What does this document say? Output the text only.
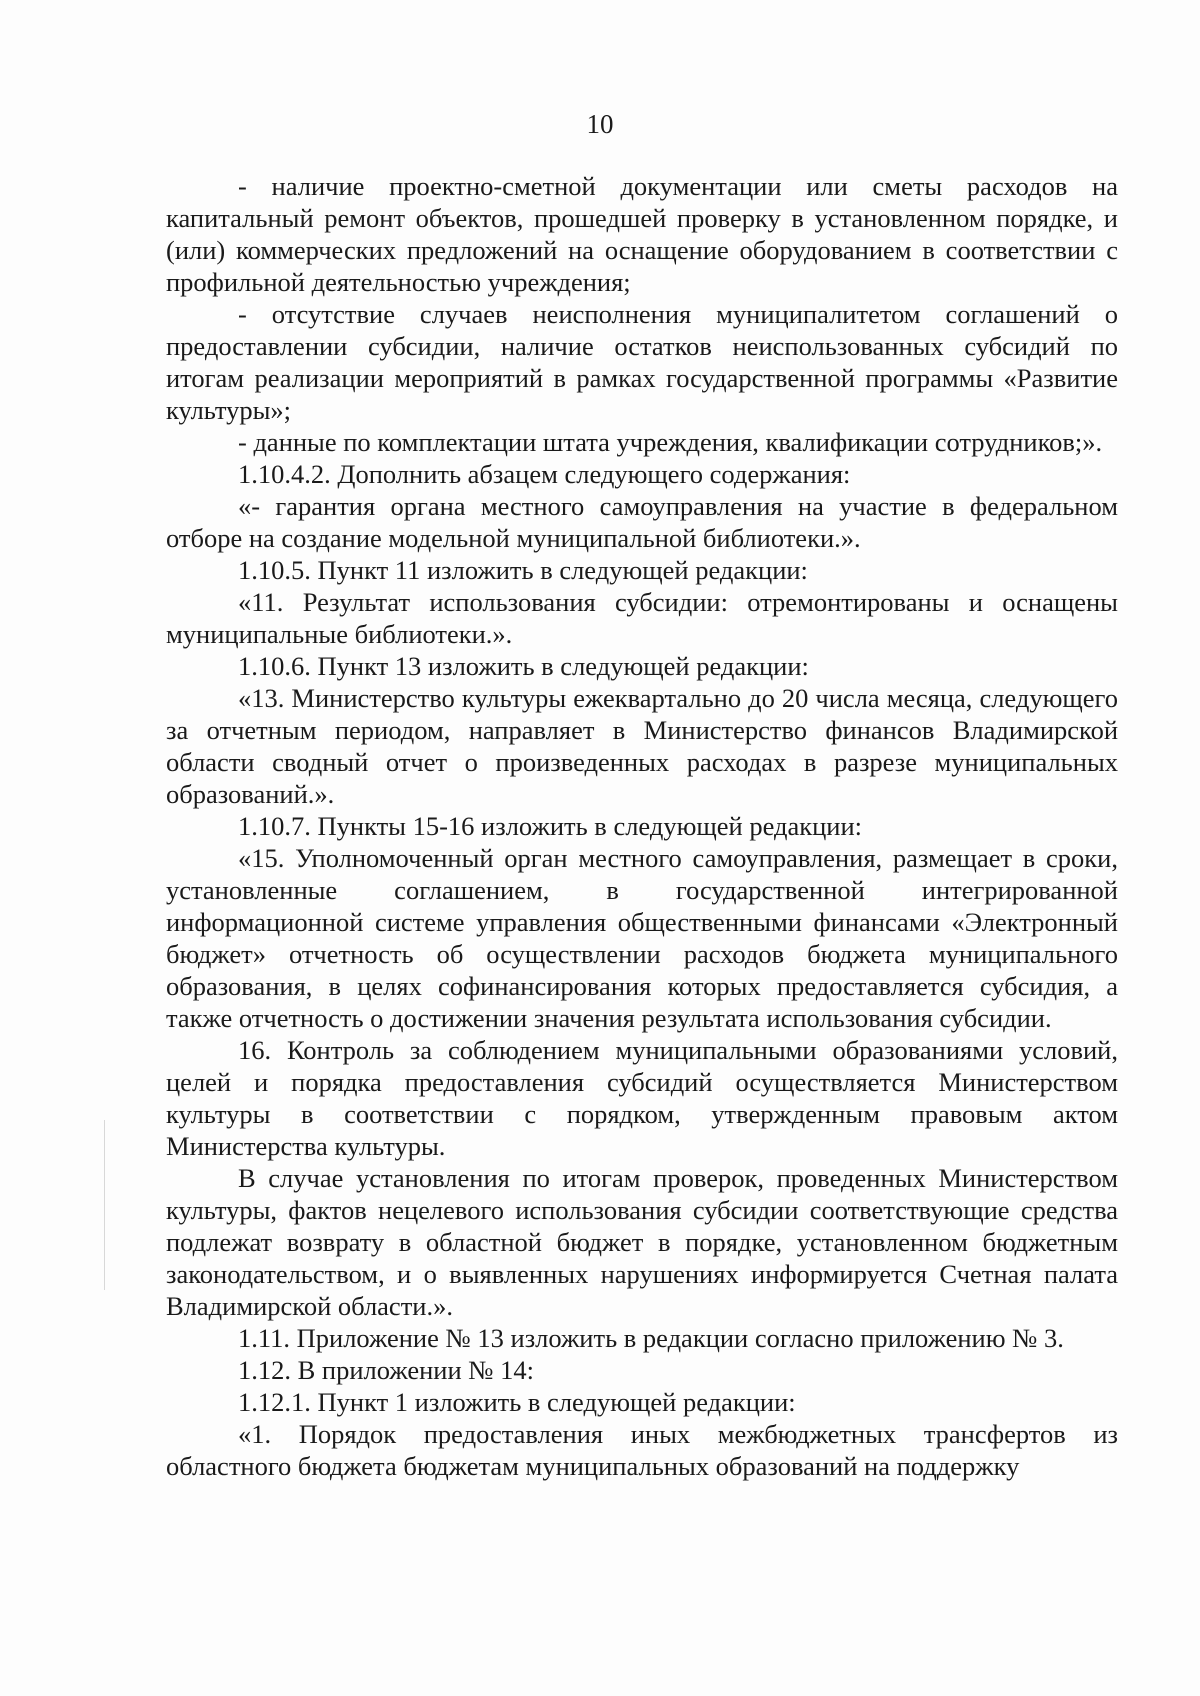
10

- наличие проектно-сметной документации или сметы расходов на капитальный ремонт объектов, прошедшей проверку в установленном порядке, и (или) коммерческих предложений на оснащение оборудованием в соответствии с профильной деятельностью учреждения;

- отсутствие случаев неисполнения муниципалитетом соглашений о предоставлении субсидии, наличие остатков неиспользованных субсидий по итогам реализации мероприятий в рамках государственной программы «Развитие культуры»;

- данные по комплектации штата учреждения, квалификации сотрудников;».

1.10.4.2. Дополнить абзацем следующего содержания:

«- гарантия органа местного самоуправления на участие в федеральном отборе на создание модельной муниципальной библиотеки.».

1.10.5. Пункт 11 изложить в следующей редакции:

«11. Результат использования субсидии: отремонтированы и оснащены муниципальные библиотеки.».

1.10.6. Пункт 13 изложить в следующей редакции:

«13. Министерство культуры ежеквартально до 20 числа месяца, следующего за отчетным периодом, направляет в Министерство финансов Владимирской области сводный отчет о произведенных расходах в разрезе муниципальных образований.».

1.10.7. Пункты 15-16 изложить в следующей редакции:

«15. Уполномоченный орган местного самоуправления, размещает в сроки, установленные соглашением, в государственной интегрированной информационной системе управления общественными финансами «Электронный бюджет» отчетность об осуществлении расходов бюджета муниципального образования, в целях софинансирования которых предоставляется субсидия, а также отчетность о достижении значения результата использования субсидии.

16. Контроль за соблюдением муниципальными образованиями условий, целей и порядка предоставления субсидий осуществляется Министерством культуры в соответствии с порядком, утвержденным правовым актом Министерства культуры.

В случае установления по итогам проверок, проведенных Министерством культуры, фактов нецелевого использования субсидии соответствующие средства подлежат возврату в областной бюджет в порядке, установленном бюджетным законодательством, и о выявленных нарушениях информируется Счетная палата Владимирской области.».

1.11. Приложение № 13 изложить в редакции согласно приложению № 3.

1.12. В приложении № 14:

1.12.1. Пункт 1 изложить в следующей редакции:

«1. Порядок предоставления иных межбюджетных трансфертов из областного бюджета бюджетам муниципальных образований на поддержку
